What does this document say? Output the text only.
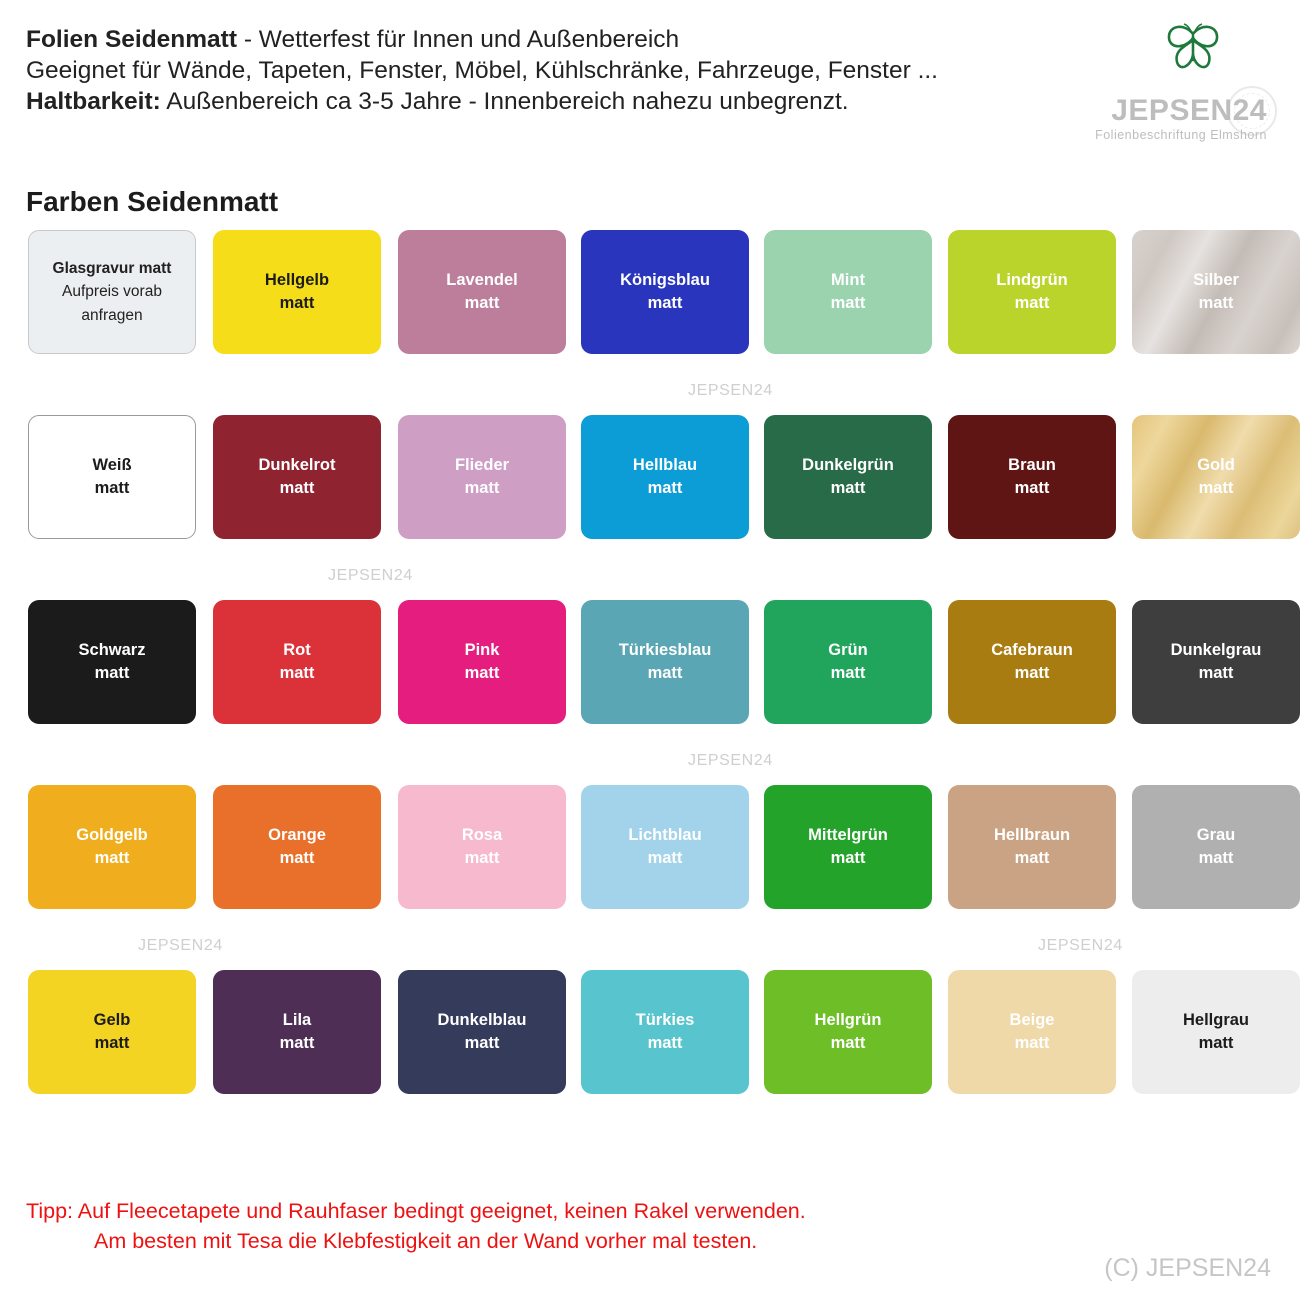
Folien Seidenmatt - Wetterfest für Innen und Außenbereich
Geeignet für Wände, Tapeten, Fenster, Möbel, Kühlschränke, Fahrzeuge, Fenster ...
Haltbarkeit: Außenbereich ca 3-5 Jahre - Innenbereich nahezu unbegrenzt.
Farben Seidenmatt
JEPSEN24
Folienbeschriftung Elmshorn
Glasgravur matt
Aufpreis vorab
anfragen
Hellgelb
matt
Lavendel
matt
Königsblau
matt
Mint
matt
Lindgrün
matt
Silber
matt
Weiß
matt
Dunkelrot
matt
Flieder
matt
Hellblau
matt
Dunkelgrün
matt
Braun
matt
Gold
matt
Schwarz
matt
Rot
matt
Pink
matt
Türkiesblau
matt
Grün
matt
Cafebraun
matt
Dunkelgrau
matt
Goldgelb
matt
Orange
matt
Rosa
matt
Lichtblau
matt
Mittelgrün
matt
Hellbraun
matt
Grau
matt
Gelb
matt
Lila
matt
Dunkelblau
matt
Türkies
matt
Hellgrün
matt
Beige
matt
Hellgrau
matt
JEPSEN24
JEPSEN24
JEPSEN24
JEPSEN24	JEPSEN24
Tipp: Auf Fleecetapete und Rauhfaser bedingt geeignet, keinen Rakel verwenden.
Am besten mit Tesa die Klebfestigkeit an der Wand vorher mal testen.
(C) JEPSEN24
